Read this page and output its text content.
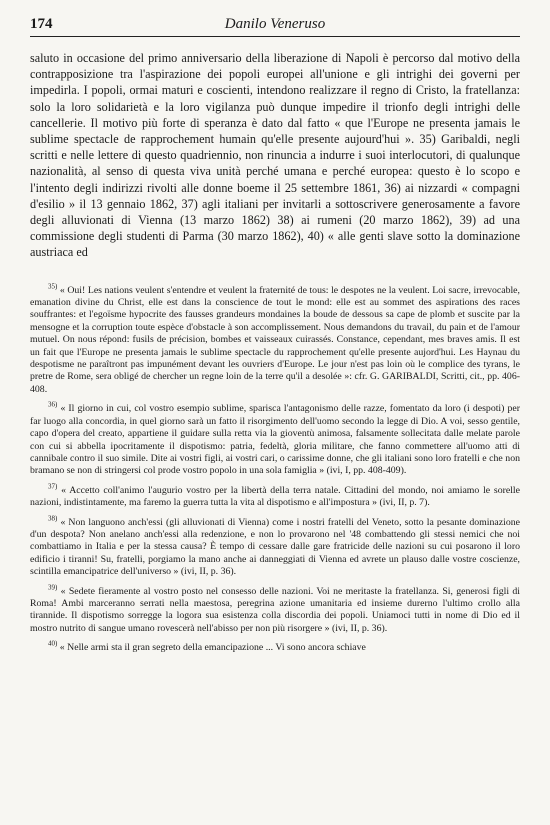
174	Danilo Veneruso

saluto in occasione del primo anniversario della liberazione di Napoli è percorso dal motivo della contrapposizione tra l'aspirazione dei popoli europei all'unione e gli intrighi dei governi per impedirla. I popoli, ormai maturi e coscienti, intendono realizzare il regno di Cristo, la fratellanza: solo la loro solidarietà e la loro vigilanza può dunque impedire il trionfo degli intrighi delle cancellerie. Il motivo più forte di speranza è dato dal fatto « que l'Europe ne presenta jamais le sublime spectacle de rapprochement humain qu'elle presente aujourd'hui ». 35) Garibaldi, negli scritti e nelle lettere di questo quadriennio, non rinuncia a indurre i suoi interlocutori, di qualunque nazionalità, al senso di questa viva unità perché umana e perché europea: questo è lo scopo e l'intento degli indirizzi rivolti alle donne boeme il 25 settembre 1861, 36) ai nizzardi « compagni d'esilio » il 13 gennaio 1862, 37) agli italiani per invitarli a sottoscrivere generosamente a favore degli alluvionati di Vienna (13 marzo 1862) 38) ai rumeni (20 marzo 1862), 39) ad una commissione degli studenti di Parma (30 marzo 1862), 40) « alle genti slave sotto la dominazione austriaca ed

$^{35)}$ « Oui! Les nations veulent s'entendre et veulent la fraternité de tous: le despotes ne la veulent. Loi sacre, irrevocable, emanation divine du Christ, elle est dans la conscience de tout le mond: elle est au sommet des aspirations des races souffrantes: et l'egoïsme hypocrite des fausses grandeurs mondaines la boude de dessous sa cape de plomb et suscite par la mensogne et la corruption toute espèce d'obstacle à son accomplissement. Nous demandons du travail, du pain et de l'amour mutuel. On nous répond: fusils de précision, bombes et vaisseaux cuirassés. Constance, cependant, mes braves amis. Il est un fait que l'Europe ne presenta jamais le sublime spectacle du rapprochement qu'elle presente aujord'hui. Les Haynau du despotisme ne paraîtront pas impunément devant les ouvriers d'Europe. Le jour n'est pas loin où le complice des tyrans, le pretre de Rome, sera obligé de chercher un regne loin de la terre qu'il a desolée »: cfr. G. GARIBALDI, Scritti, cit., pp. 406-408.

$^{36)}$ « Il giorno in cui, col vostro esempio sublime, sparisca l'antagonismo delle razze, fomentato da loro (i despoti) per far luogo alla concordia, in quel giorno sarà un fatto il risorgimento dell'uomo secondo la legge di Dio. A voi, sesso gentile, capo d'opera del creato, appartiene il guidare sulla retta via la gioventù animosa, falsamente sollecitata dalle melate parole con cui si abbella ipocritamente il dispotismo: patria, fedeltà, gloria militare, che fanno commettere all'uomo atti di cannibale contro il suo simile. Dite ai vostri figli, ai vostri cari, o carissime donne, che gli italiani sono loro fratelli e che non bramano se non di stringersi col prode vostro popolo in una sola famiglia » (ivi, I, pp. 408-409).

$^{37)}$ « Accetto coll'animo l'augurio vostro per la libertà della terra natale. Cittadini del mondo, noi amiamo le sorelle nazioni, indistintamente, ma faremo la guerra tutta la vita al dispotismo e all'impostura » (ivi, II, p. 7).

$^{38)}$ « Non languono anch'essi (gli alluvionati di Vienna) come i nostri fratelli del Veneto, sotto la pesante dominazione d'un despota? Non anelano anch'essi alla redenzione, e non lo provarono nel '48 combattendo gli stessi nemici che noi combattiamo in Italia e per la stessa causa? È tempo di cessare dalle gare fratricide delle nazioni su cui posarono il loro edificio i tiranni! Su, fratelli, porgiamo la mano anche ai danneggiati di Vienna ed avrete un plauso dalle vostre coscienze, scintilla emancipatrice dell'universo » (ivi, II, p. 36).

$^{39)}$ « Sedete fieramente al vostro posto nel consesso delle nazioni. Voi ne meritaste la fratellanza. Si, generosi figli di Roma! Ambi marceranno serrati nella maestosa, peregrina azione umanitaria ed insieme durerno l'ultimo crollo alla tirannide. Il dispotismo sorregge la logora sua esistenza colla discordia dei popoli. Uniamoci tutti in nome di Dio ed il mostro nutrito di sangue umano rovescerà nell'abisso per non più risorgere » (ivi, II, p. 36).

$^{40)}$ « Nelle armi sta il gran segreto della emancipazione ... Vi sono ancora schiave
